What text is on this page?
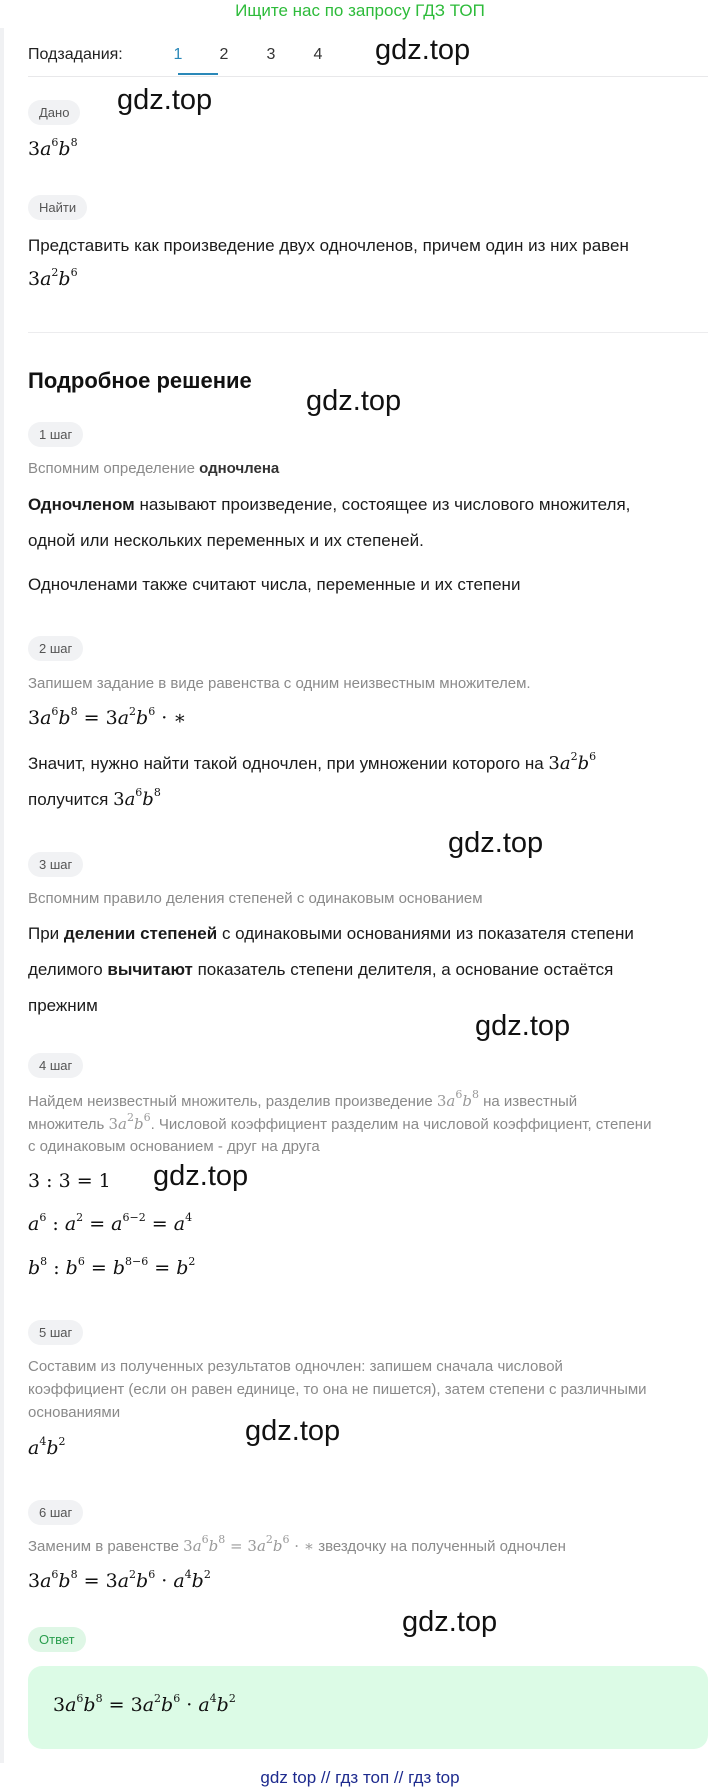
Ищите нас по запросу ГДЗ ТОП
Подзадания:	1	2	3	4	gdz.top
gdz.top
gdz.top
gdz.top
gdz.top
gdz.top
gdz.top
gdz.top
Дано
$3a^6b^8$
Найти
Представить как произведение двух одночленов, причем один из них равен
$3a^2b^6$
Подробное решение
1 шаг
Вспомним определение одночлена
Одночленом называют произведение, состоящее из числового множителя,
одной или нескольких переменных и их степеней.
Одночленами также считают числа, переменные и их степени
2 шаг
Запишем задание в виде равенства с одним неизвестным множителем.
$3a^6b^8 = 3a^2b^6$ · ∗
Значит, нужно найти такой одночлен, при умножении которого на $3a^2b^6$
получится $3a^6b^8$
3 шаг
Вспомним правило деления степеней с одинаковым основанием
При делении степеней с одинаковыми основаниями из показателя степени
делимого вычитают показатель степени делителя, а основание остаётся
прежним
4 шаг
Найдем неизвестный множитель, разделив произведение $3a^6b^8$ на известный
множитель $3a^2b^6$. Числовой коэффициент разделим на числовой коэффициент, степени
с одинаковым основанием - друг на друга
3 : 3 = 1
$a^6$ : $a^2 = a^{6-2} = a^4$
$b^8$ : $b^6 = b^{8-6} = b^2$
5 шаг
Составим из полученных результатов одночлен: запишем сначала числовой
коэффициент (если он равен единице, то она не пишется), затем степени с различными
основаниями
$a^4b^2$
6 шаг
Заменим в равенстве $3a^6b^8 = 3a^2b^6$ · ∗ звездочку на полученный одночлен
$3a^6b^8 = 3a^2b^6 \cdot a^4b^2$
Ответ
$3a^6b^8 = 3a^2b^6 \cdot a^4b^2$
gdz top // гдз топ // гдз top
